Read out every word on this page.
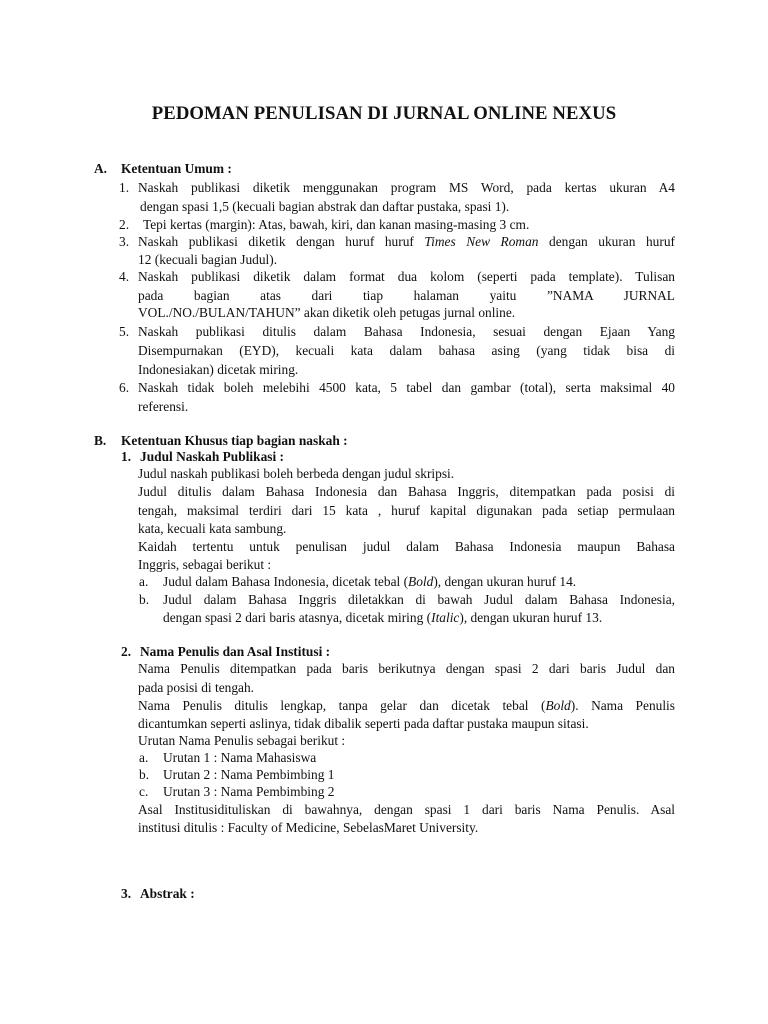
PEDOMAN PENULISAN DI JURNAL ONLINE NEXUS
A. Ketentuan Umum :
1. Naskah publikasi diketik menggunakan program MS Word, pada kertas ukuran A4
dengan spasi 1,5 (kecuali bagian abstrak dan daftar pustaka, spasi 1).
2. Tepi kertas (margin): Atas, bawah, kiri, dan kanan masing-masing 3 cm.
3. Naskah publikasi diketik dengan huruf huruf Times New Roman dengan ukuran huruf
12 (kecuali bagian Judul).
4. Naskah publikasi diketik dalam format dua kolom (seperti pada template). Tulisan
pada bagian atas dari tiap halaman yaitu ”NAMA JURNAL
VOL./NO./BULAN/TAHUN” akan diketik oleh petugas jurnal online.
5. Naskah publikasi ditulis dalam Bahasa Indonesia, sesuai dengan Ejaan Yang
Disempurnakan (EYD), kecuali kata dalam bahasa asing (yang tidak bisa di
Indonesiakan) dicetak miring.
6. Naskah tidak boleh melebihi 4500 kata, 5 tabel dan gambar (total), serta maksimal 40
referensi.
B. Ketentuan Khusus tiap bagian naskah :
1. Judul Naskah Publikasi :
Judul naskah publikasi boleh berbeda dengan judul skripsi.
Judul ditulis dalam Bahasa Indonesia dan Bahasa Inggris, ditempatkan pada posisi di
tengah, maksimal terdiri dari 15 kata , huruf kapital digunakan pada setiap permulaan
kata, kecuali kata sambung.
Kaidah tertentu untuk penulisan judul dalam Bahasa Indonesia maupun Bahasa
Inggris, sebagai berikut :
a. Judul dalam Bahasa Indonesia, dicetak tebal (Bold), dengan ukuran huruf 14.
b. Judul dalam Bahasa Inggris diletakkan di bawah Judul dalam Bahasa Indonesia,
dengan spasi 2 dari baris atasnya, dicetak miring (Italic), dengan ukuran huruf 13.
2. Nama Penulis dan Asal Institusi :
Nama Penulis ditempatkan pada baris berikutnya dengan spasi 2 dari baris Judul dan
pada posisi di tengah.
Nama Penulis ditulis lengkap, tanpa gelar dan dicetak tebal (Bold). Nama Penulis
dicantumkan seperti aslinya, tidak dibalik seperti pada daftar pustaka maupun sitasi.
Urutan Nama Penulis sebagai berikut :
a. Urutan 1 : Nama Mahasiswa
b. Urutan 2 : Nama Pembimbing 1
c. Urutan 3 : Nama Pembimbing 2
Asal Institusidituliskan di bawahnya, dengan spasi 1 dari baris Nama Penulis. Asal
institusi ditulis : Faculty of Medicine, SebelasMaret University.
3. Abstrak :
